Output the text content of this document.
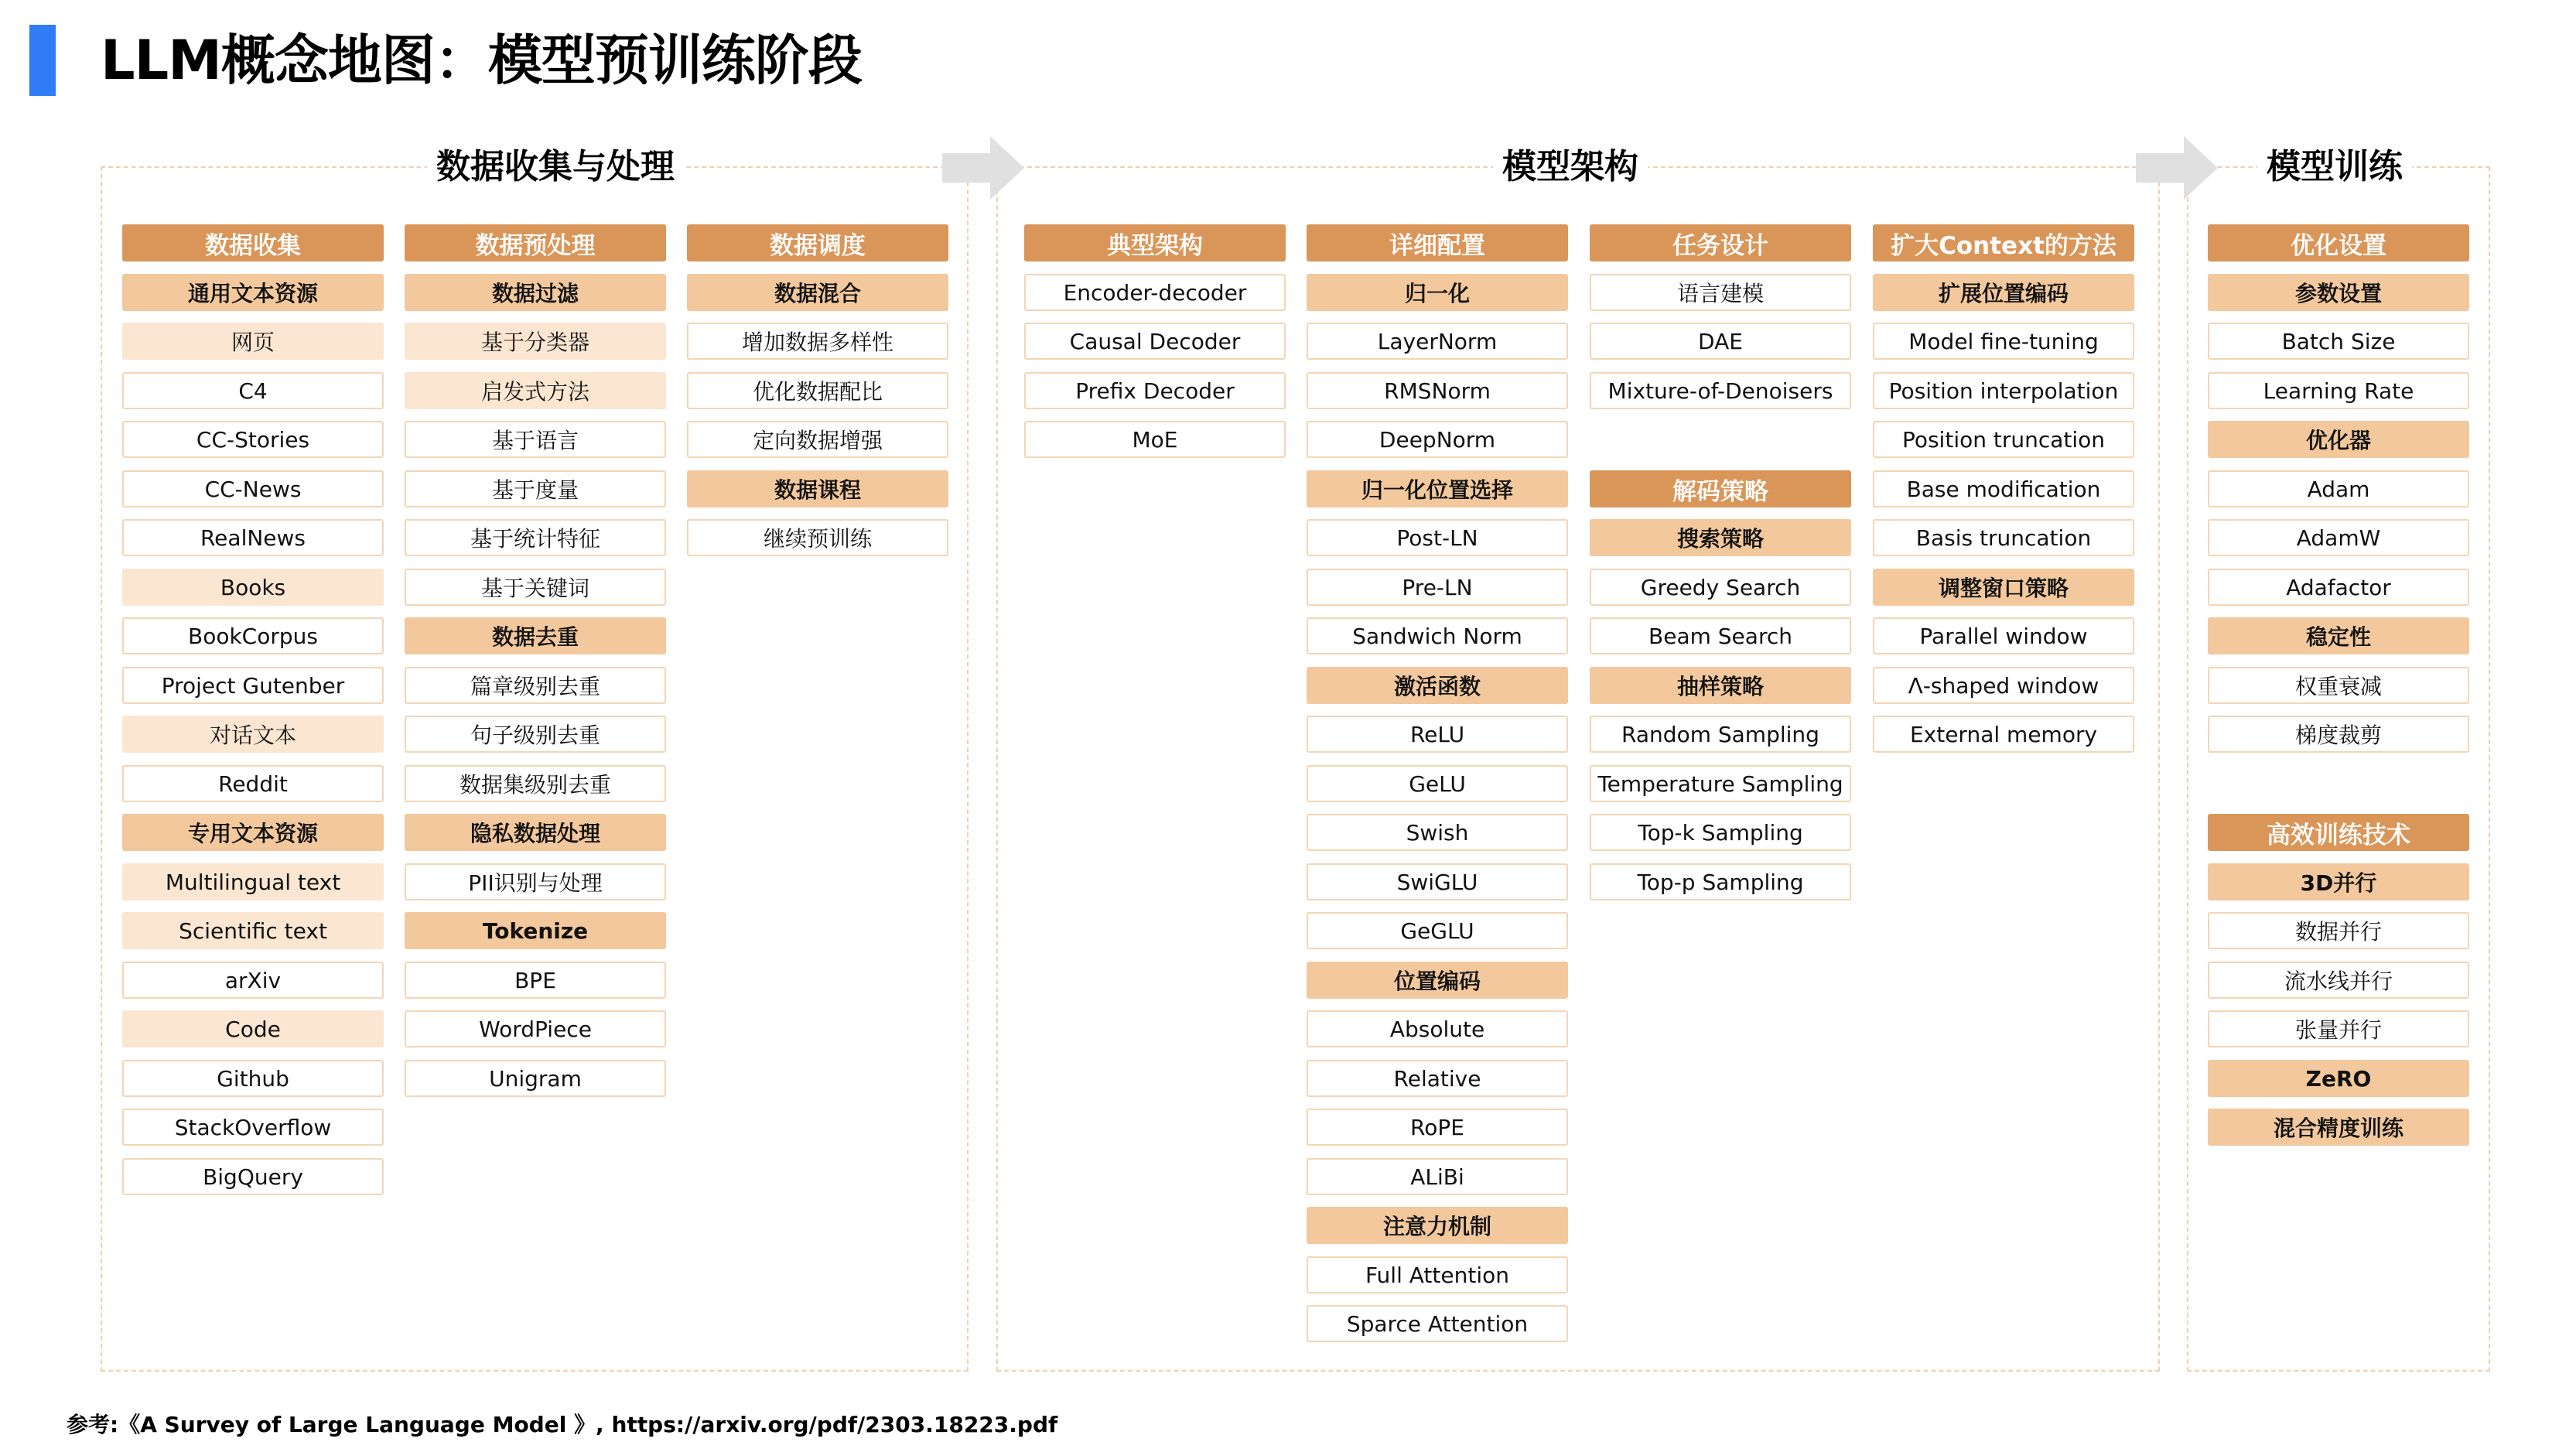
LLM概念地图：模型预训练阶段
数据收集与处理
数据收集
通用文本资源
网页
C4
CC-Stories
CC-News
RealNews
Books
BookCorpus
Project Gutenber
对话文本
Reddit
专用文本资源
Multilingual text
Scientific text
arXiv
Code
Github
StackOverflow
BigQuery
数据预处理
数据过滤
基于分类器
启发式方法
基于语言
基于度量
基于统计特征
基于关键词
数据去重
篇章级别去重
句子级别去重
数据集级别去重
隐私数据处理
PII识别与处理
Tokenize
BPE
WordPiece
Unigram
数据调度
数据混合
增加数据多样性
优化数据配比
定向数据增强
数据课程
继续预训练
模型架构
典型架构
Encoder-decoder
Causal Decoder
Prefix Decoder
MoE
详细配置
归一化
LayerNorm
RMSNorm
DeepNorm
归一化位置选择
Post-LN
Pre-LN
Sandwich Norm
激活函数
ReLU
GeLU
Swish
SwiGLU
GeGLU
位置编码
Absolute
Relative
RoPE
ALiBi
注意力机制
Full Attention
Sparce Attention
任务设计
语言建模
DAE
Mixture-of-Denoisers
解码策略
搜索策略
Greedy Search
Beam Search
抽样策略
Random Sampling
Temperature Sampling
Top-k Sampling
Top-p Sampling
扩大Context的方法
扩展位置编码
Model fine-tuning
Position interpolation
Position truncation
Base modification
Basis truncation
调整窗口策略
Parallel window
Λ-shaped window
External memory
模型训练
优化设置
参数设置
Batch Size
Learning Rate
优化器
Adam
AdamW
Adafactor
稳定性
权重衰减
梯度裁剪
高效训练技术
3D并行
数据并行
流水线并行
张量并行
ZeRO
混合精度训练
参考:《A Survey of Large Language Model 》, https://arxiv.org/pdf/2303.18223.pdf
